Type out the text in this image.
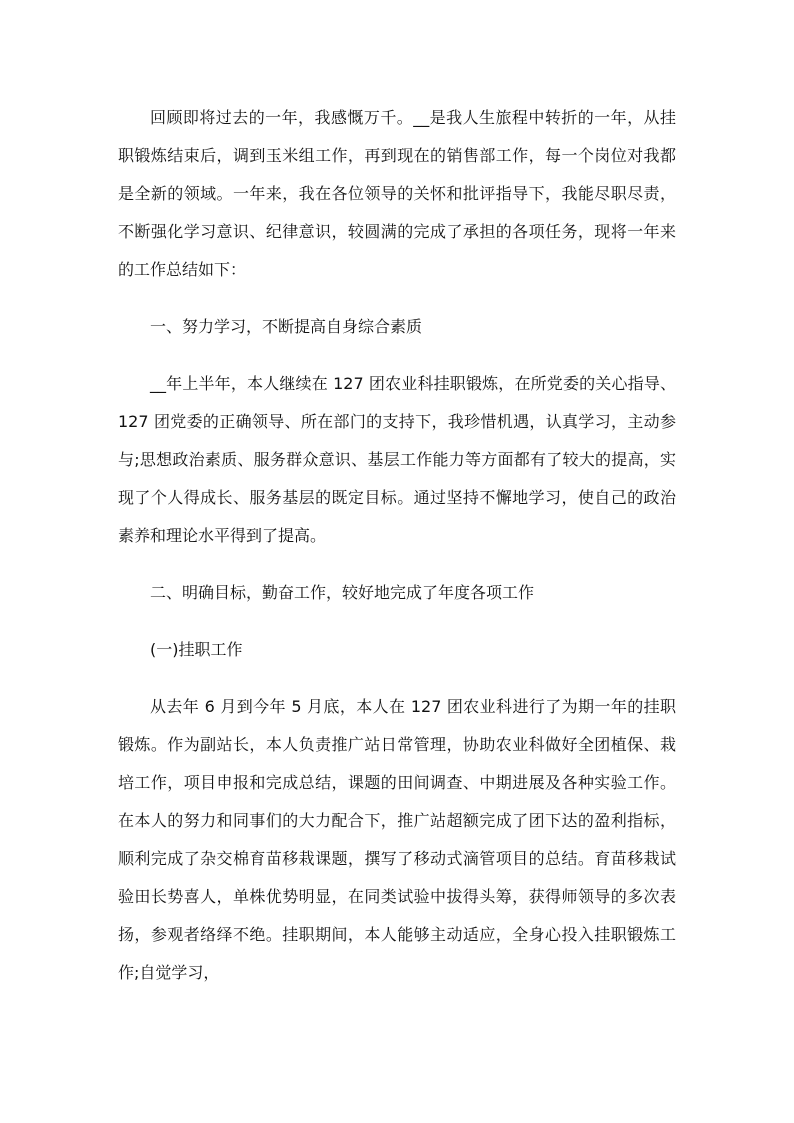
回顾即将过去的一年，我感慨万千。__是我人生旅程中转折的一年，从挂职锻炼结束后，调到玉米组工作，再到现在的销售部工作，每一个岗位对我都是全新的领域。一年来，我在各位领导的关怀和批评指导下，我能尽职尽责，不断强化学习意识、纪律意识，较圆满的完成了承担的各项任务，现将一年来的工作总结如下：

一、努力学习，不断提高自身综合素质

__年上半年，本人继续在 127 团农业科挂职锻炼，在所党委的关心指导、127 团党委的正确领导、所在部门的支持下，我珍惜机遇，认真学习，主动参与;思想政治素质、服务群众意识、基层工作能力等方面都有了较大的提高，实现了个人得成长、服务基层的既定目标。通过坚持不懈地学习，使自己的政治素养和理论水平得到了提高。

二、明确目标，勤奋工作，较好地完成了年度各项工作

(一)挂职工作

从去年 6 月到今年 5 月底，本人在 127 团农业科进行了为期一年的挂职锻炼。作为副站长，本人负责推广站日常管理，协助农业科做好全团植保、栽培工作，项目申报和完成总结，课题的田间调查、中期进展及各种实验工作。在本人的努力和同事们的大力配合下，推广站超额完成了团下达的盈利指标，顺利完成了杂交棉育苗移栽课题，撰写了移动式滴管项目的总结。育苗移栽试验田长势喜人，单株优势明显，在同类试验中拔得头筹，获得师领导的多次表扬，参观者络绎不绝。挂职期间，本人能够主动适应，全身心投入挂职锻炼工作;自觉学习，
